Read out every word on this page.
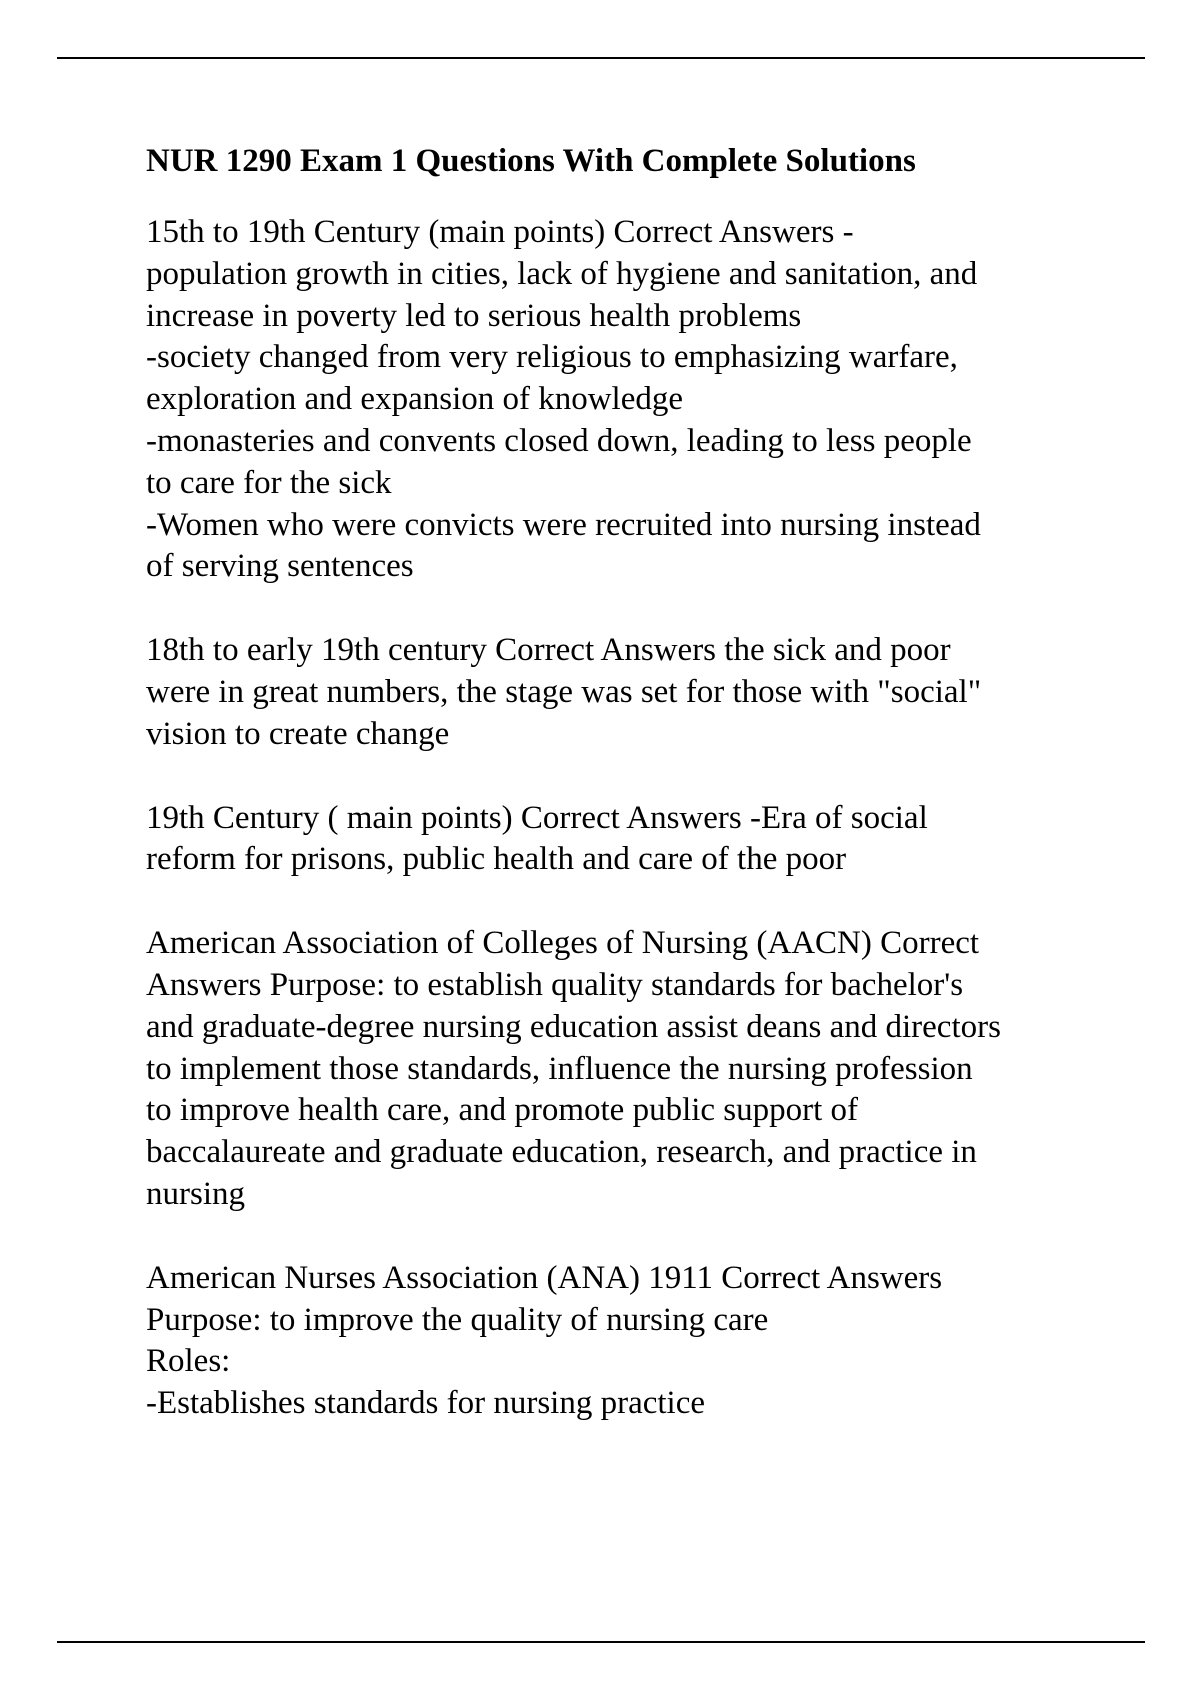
NUR 1290 Exam 1 Questions With Complete Solutions
15th to 19th Century (main points) Correct Answers -
population growth in cities, lack of hygiene and sanitation, and
increase in poverty led to serious health problems
-society changed from very religious to emphasizing warfare,
exploration and expansion of knowledge
-monasteries and convents closed down, leading to less people
to care for the sick
-Women who were convicts were recruited into nursing instead
of serving sentences
18th to early 19th century Correct Answers the sick and poor
were in great numbers, the stage was set for those with "social"
vision to create change
19th Century ( main points) Correct Answers -Era of social
reform for prisons, public health and care of the poor
American Association of Colleges of Nursing (AACN) Correct
Answers Purpose: to establish quality standards for bachelor's
and graduate-degree nursing education assist deans and directors
to implement those standards, influence the nursing profession
to improve health care, and promote public support of
baccalaureate and graduate education, research, and practice in
nursing
American Nurses Association (ANA) 1911 Correct Answers
Purpose: to improve the quality of nursing care
Roles:
-Establishes standards for nursing practice
